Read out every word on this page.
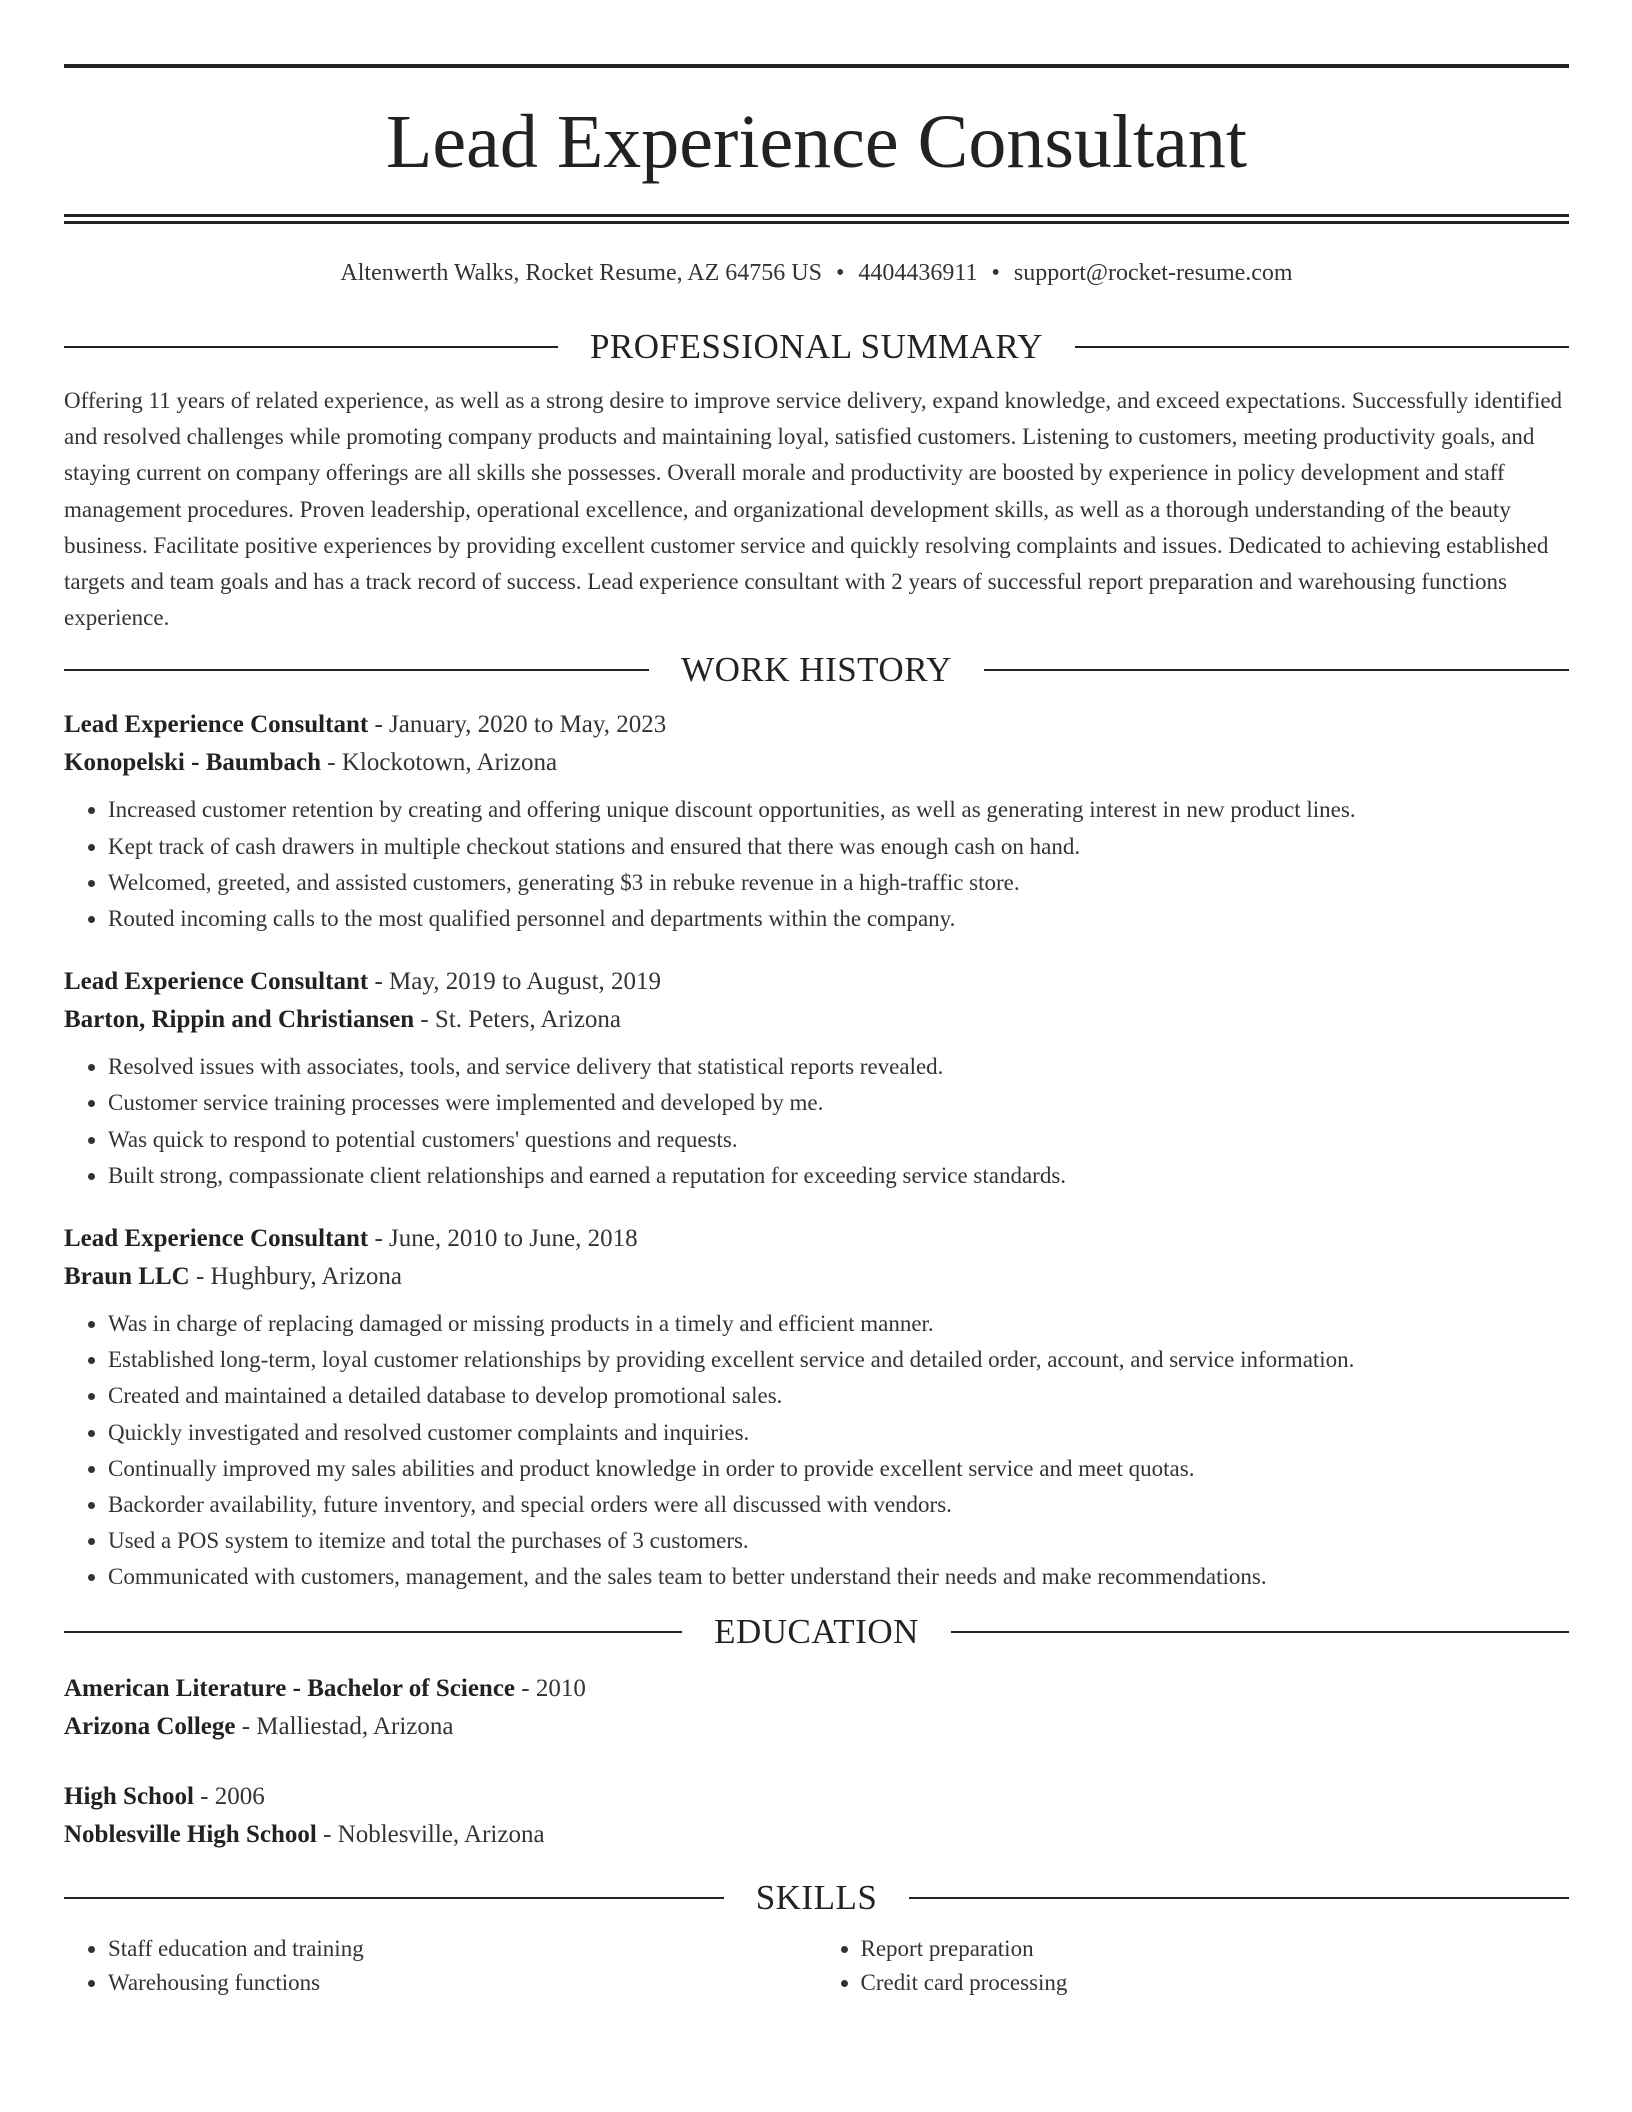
Lead Experience Consultant
Altenwerth Walks, Rocket Resume, AZ 64756 US • 4404436911 • support@rocket-resume.com
PROFESSIONAL SUMMARY
Offering 11 years of related experience, as well as a strong desire to improve service delivery, expand knowledge, and exceed expectations. Successfully identified and resolved challenges while promoting company products and maintaining loyal, satisfied customers. Listening to customers, meeting productivity goals, and staying current on company offerings are all skills she possesses. Overall morale and productivity are boosted by experience in policy development and staff management procedures. Proven leadership, operational excellence, and organizational development skills, as well as a thorough understanding of the beauty business. Facilitate positive experiences by providing excellent customer service and quickly resolving complaints and issues. Dedicated to achieving established targets and team goals and has a track record of success. Lead experience consultant with 2 years of successful report preparation and warehousing functions experience.
WORK HISTORY
Lead Experience Consultant - January, 2020 to May, 2023
Konopelski - Baumbach - Klockotown, Arizona
• Increased customer retention by creating and offering unique discount opportunities, as well as generating interest in new product lines.
• Kept track of cash drawers in multiple checkout stations and ensured that there was enough cash on hand.
• Welcomed, greeted, and assisted customers, generating $3 in rebuke revenue in a high-traffic store.
• Routed incoming calls to the most qualified personnel and departments within the company.
Lead Experience Consultant - May, 2019 to August, 2019
Barton, Rippin and Christiansen - St. Peters, Arizona
• Resolved issues with associates, tools, and service delivery that statistical reports revealed.
• Customer service training processes were implemented and developed by me.
• Was quick to respond to potential customers' questions and requests.
• Built strong, compassionate client relationships and earned a reputation for exceeding service standards.
Lead Experience Consultant - June, 2010 to June, 2018
Braun LLC - Hughbury, Arizona
• Was in charge of replacing damaged or missing products in a timely and efficient manner.
• Established long-term, loyal customer relationships by providing excellent service and detailed order, account, and service information.
• Created and maintained a detailed database to develop promotional sales.
• Quickly investigated and resolved customer complaints and inquiries.
• Continually improved my sales abilities and product knowledge in order to provide excellent service and meet quotas.
• Backorder availability, future inventory, and special orders were all discussed with vendors.
• Used a POS system to itemize and total the purchases of 3 customers.
• Communicated with customers, management, and the sales team to better understand their needs and make recommendations.
EDUCATION
American Literature - Bachelor of Science - 2010
Arizona College - Malliestad, Arizona
High School - 2006
Noblesville High School - Noblesville, Arizona
SKILLS
• Staff education and training
• Warehousing functions
• Report preparation
• Credit card processing
